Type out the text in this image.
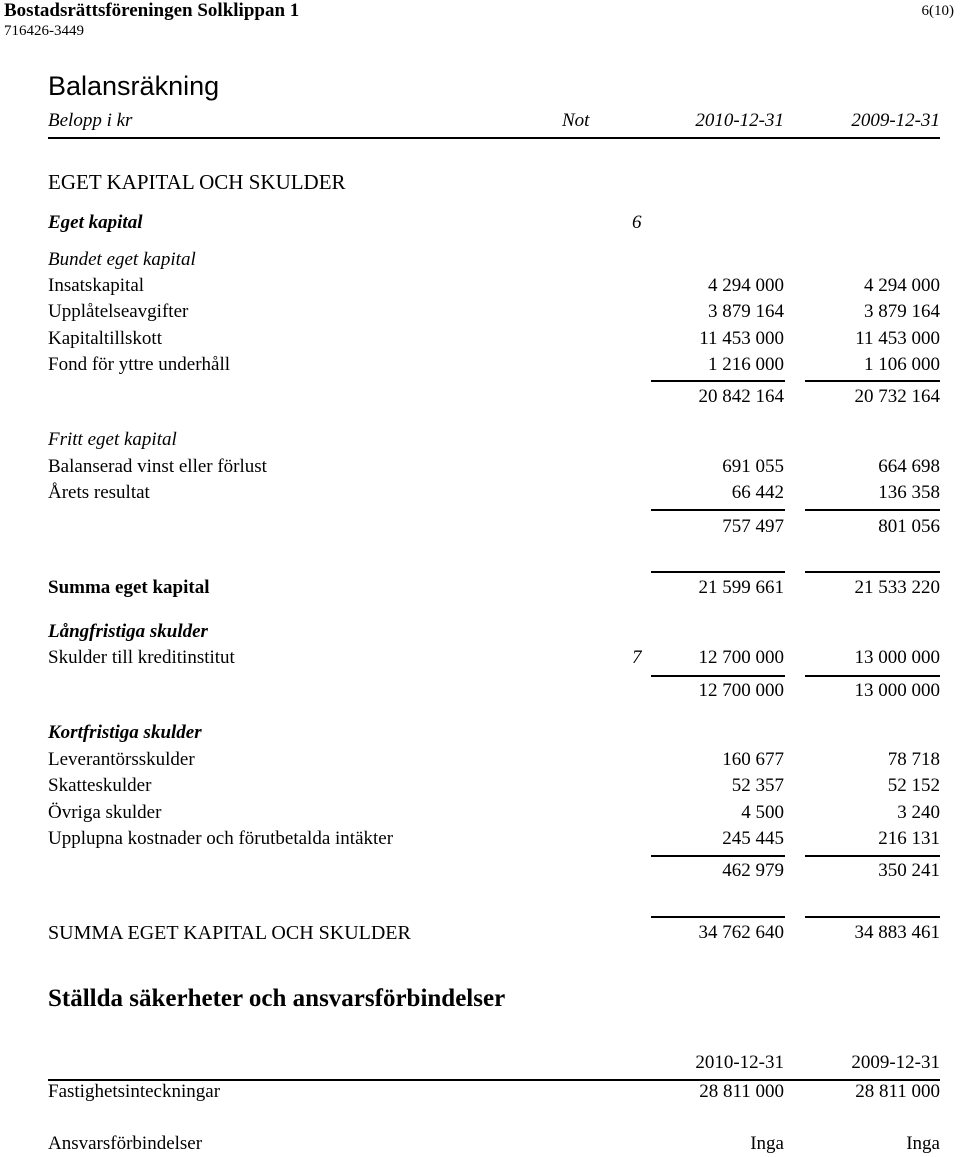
Bostadsrättsföreningen Solklippan 1
716426-3449
6(10)
Balansräkning
Belopp i kr	Not	2010-12-31	2009-12-31
EGET KAPITAL OCH SKULDER
Eget kapital	6
Bundet eget kapital
Insatskapital	4 294 000	4 294 000
Upplåtelseavgifter	3 879 164	3 879 164
Kapitaltillskott	11 453 000	11 453 000
Fond för yttre underhåll	1 216 000	1 106 000
20 842 164	20 732 164
Fritt eget kapital
Balanserad vinst eller förlust	691 055	664 698
Årets resultat	66 442	136 358
757 497	801 056
Summa eget kapital	21 599 661	21 533 220
Långfristiga skulder
Skulder till kreditinstitut	7	12 700 000	13 000 000
12 700 000	13 000 000
Kortfristiga skulder
Leverantörsskulder	160 677	78 718
Skatteskulder	52 357	52 152
Övriga skulder	4 500	3 240
Upplupna kostnader och förutbetalda intäkter	245 445	216 131
462 979	350 241
SUMMA EGET KAPITAL OCH SKULDER	34 762 640	34 883 461
Ställda säkerheter och ansvarsförbindelser
2010-12-31	2009-12-31
Fastighetsinteckningar	28 811 000	28 811 000
Ansvarsförbindelser	Inga	Inga
